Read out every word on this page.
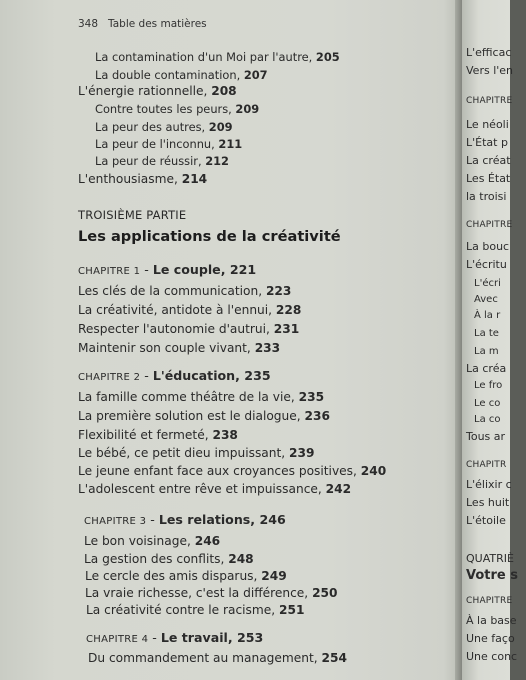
348 Table des matières
La contamination d'un Moi par l'autre, 205
La double contamination, 207
L'énergie rationnelle, 208
Contre toutes les peurs, 209
La peur des autres, 209
La peur de l'inconnu, 211
La peur de réussir, 212
L'enthousiasme, 214
TROISIÈME PARTIE
Les applications de la créativité
CHAPITRE 1 - Le couple, 221
Les clés de la communication, 223
La créativité, antidote à l'ennui, 228
Respecter l'autonomie d'autrui, 231
Maintenir son couple vivant, 233
CHAPITRE 2 - L'éducation, 235
La famille comme théâtre de la vie, 235
La première solution est le dialogue, 236
Flexibilité et fermeté, 238
Le bébé, ce petit dieu impuissant, 239
Le jeune enfant face aux croyances positives, 240
L'adolescent entre rêve et impuissance, 242
CHAPITRE 3 - Les relations, 246
Le bon voisinage, 246
La gestion des conflits, 248
Le cercle des amis disparus, 249
La vraie richesse, c'est la différence, 250
La créativité contre le racisme, 251
CHAPITRE 4 - Le travail, 253
Du commandement au management, 254
L'efficac
Vers l'en
CHAPITRE
Le néoli
L'État p
La créat
Les État
la troisi
CHAPITRE
La bouc
L'écritu
L'écri
Avec
À la r
La te
La m
La créa
Le fro
Le co
La co
Tous ar
CHAPITR
L'élixir c
Les huit
L'étoile
QUATRIÈ
Votre s
CHAPITRE
À la base
Une faço
Une conc
